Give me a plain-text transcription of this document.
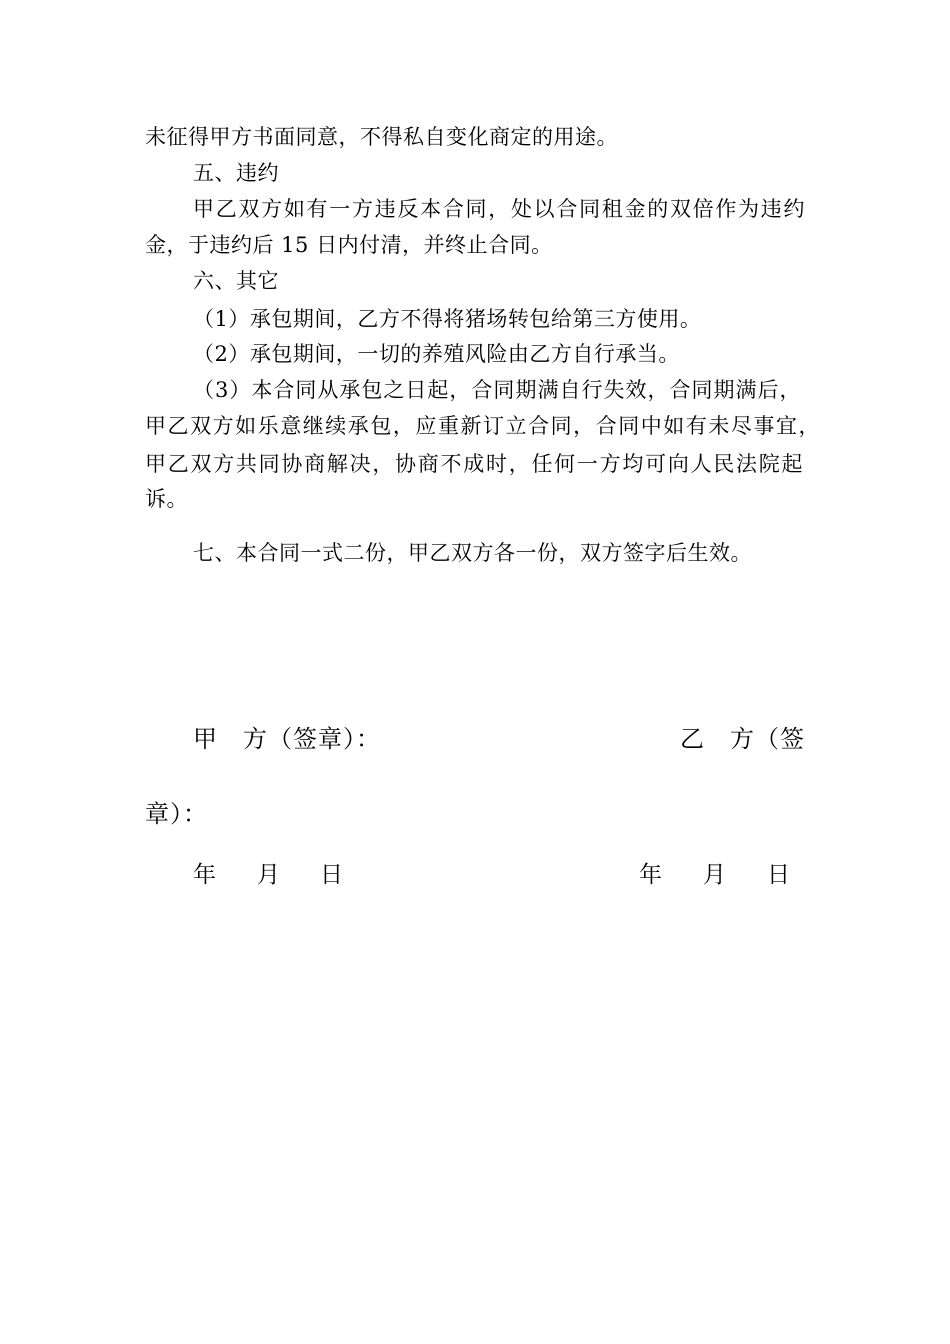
未征得甲方书面同意，不得私自变化商定的用途。
五、违约
甲乙双方如有一方违反本合同，处以合同租金的双倍作为违约
金，于违约后 15 日内付清，并终止合同。
六、其它
（1）承包期间，乙方不得将猪场转包给第三方使用。
（2）承包期间，一切的养殖风险由乙方自行承当。
（3）本合同从承包之日起，合同期满自行失效，合同期满后，
甲乙双方如乐意继续承包，应重新订立合同，合同中如有未尽事宜，
甲乙双方共同协商解决，协商不成时，任何一方均可向人民法院起
诉。
七、本合同一式二份，甲乙双方各一份，双方签字后生效。
甲　方（签章）：	乙　方（签
章）：
年 月 日	年 月 日
